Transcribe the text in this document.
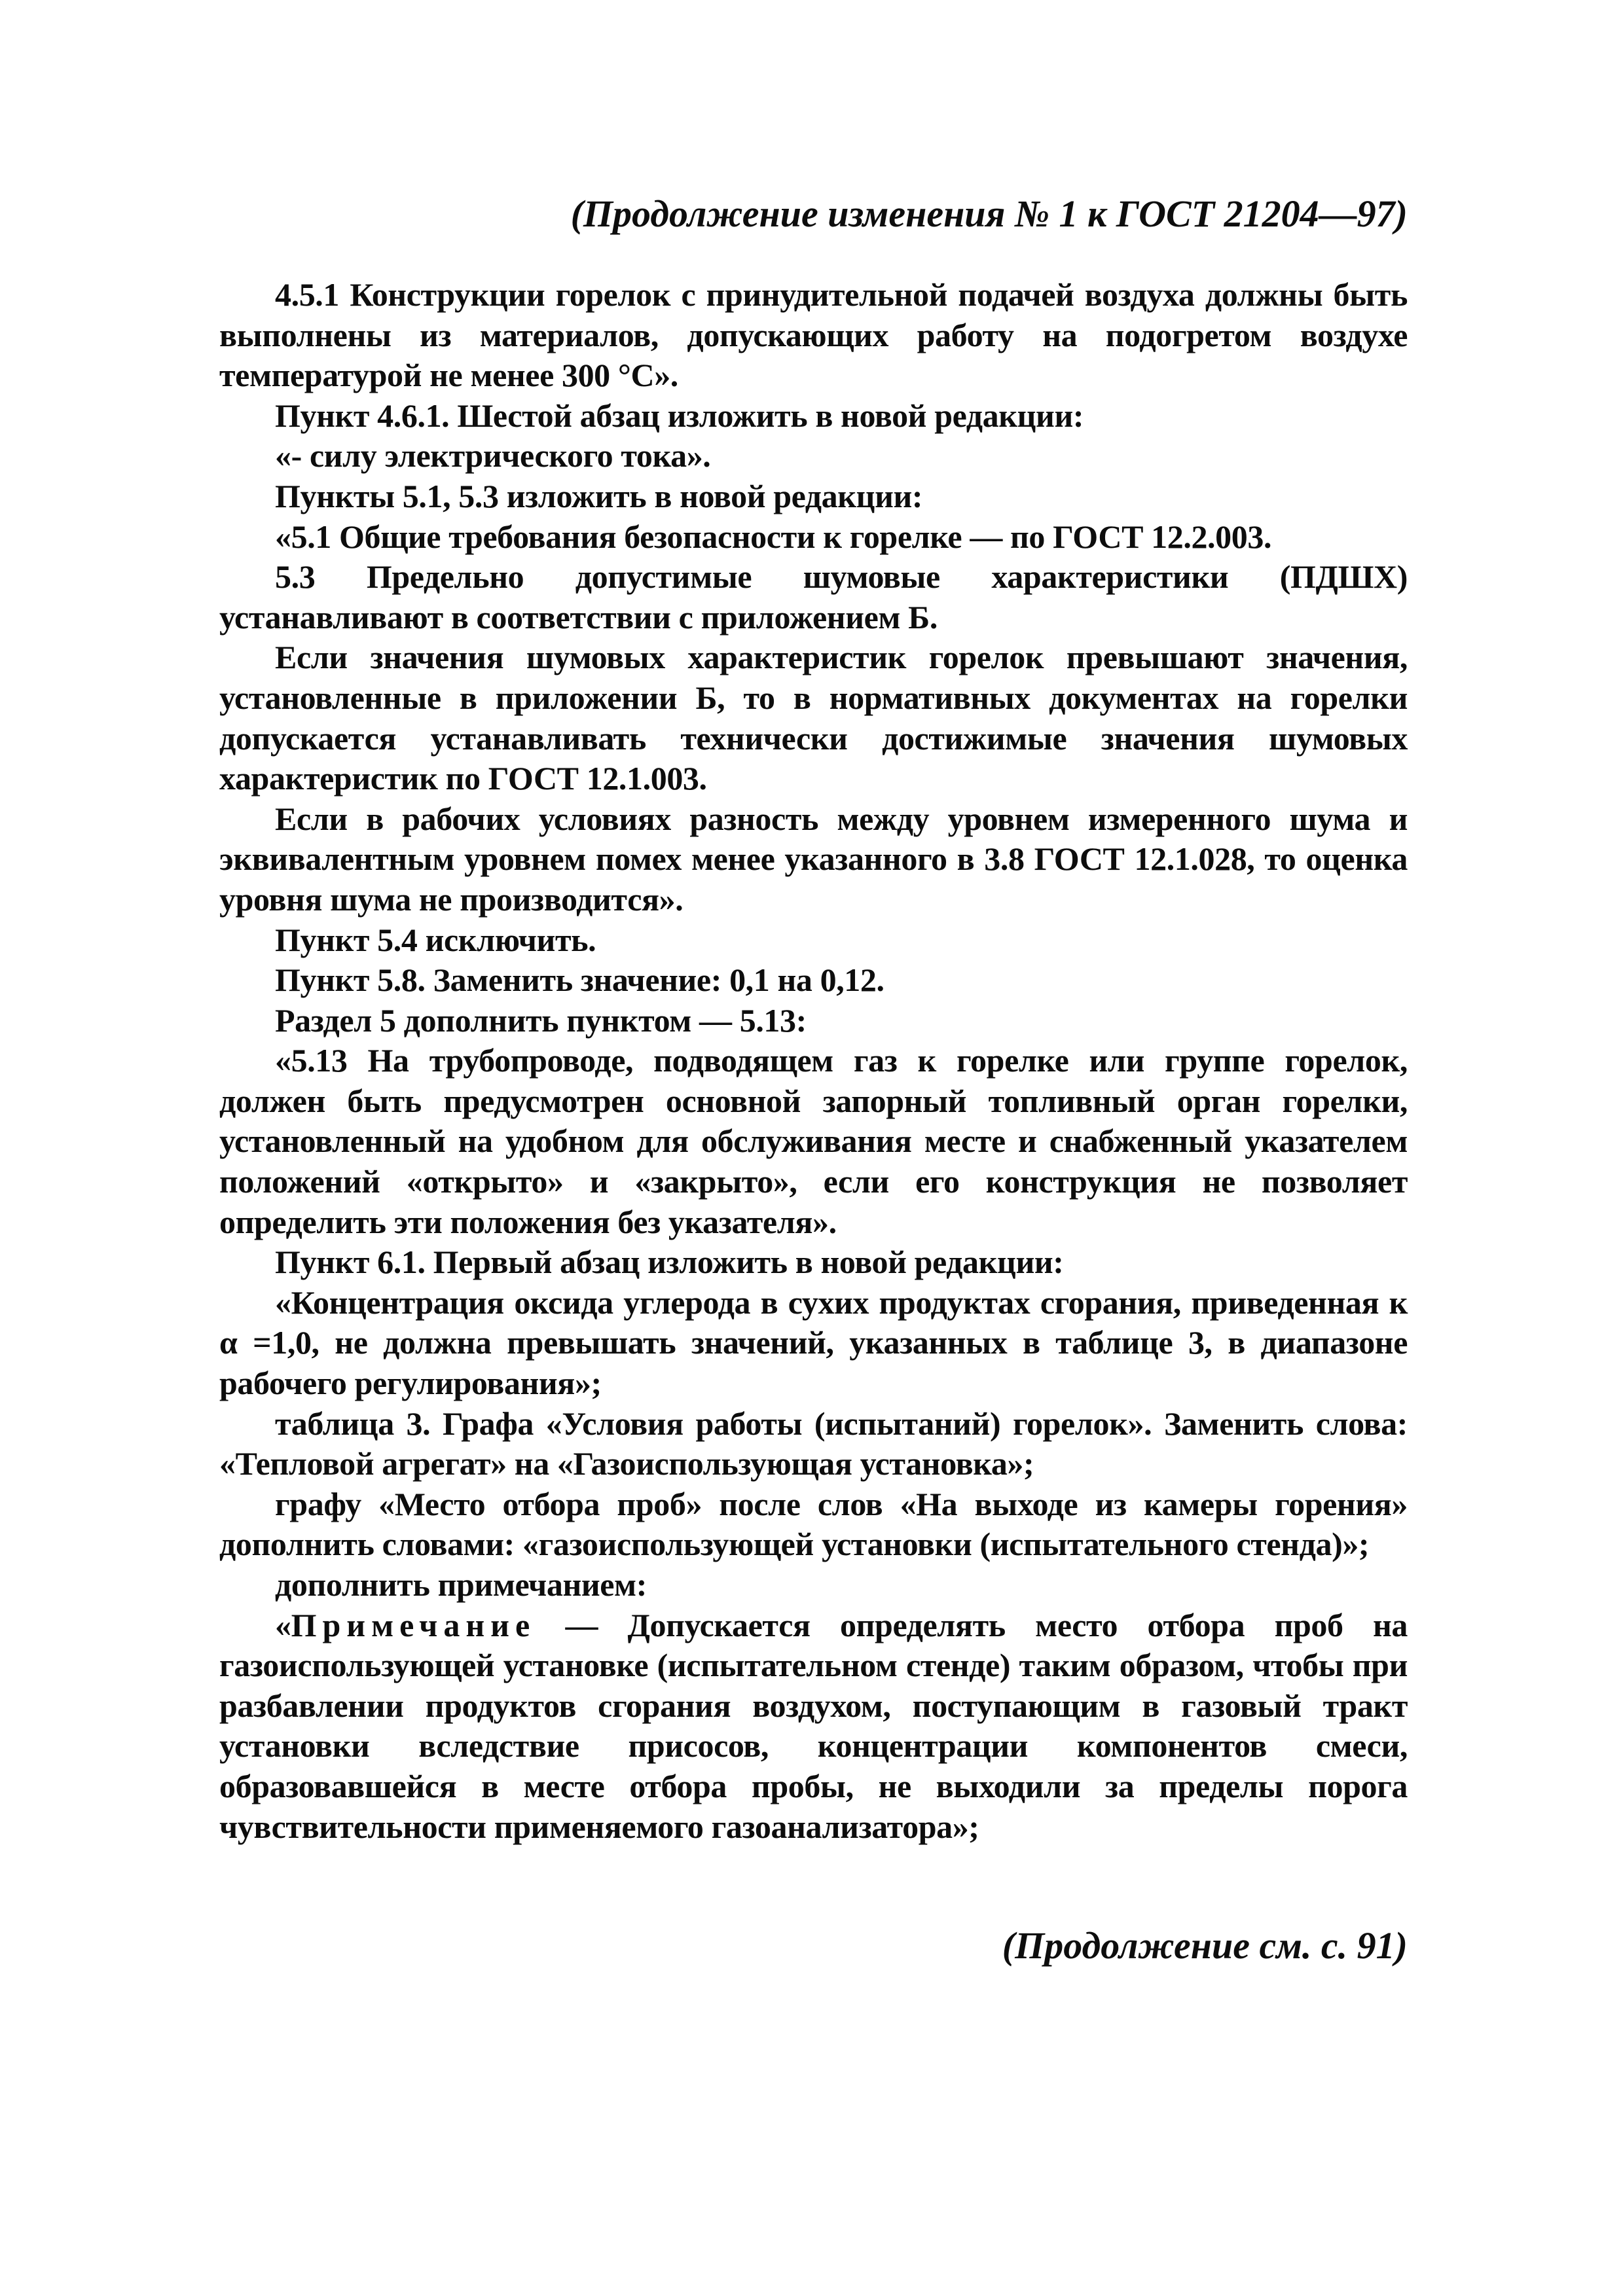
(Продолжение изменения № 1 к ГОСТ 21204—97)

4.5.1 Конструкции горелок с принудительной подачей воздуха должны быть выполнены из материалов, допускающих работу на подогретом воздухе температурой не менее 300 °С».

Пункт 4.6.1. Шестой абзац изложить в новой редакции:

«- силу электрического тока».

Пункты 5.1, 5.3 изложить в новой редакции:

«5.1 Общие требования безопасности к горелке — по ГОСТ 12.2.003.

5.3 Предельно допустимые шумовые характеристики (ПДШХ) устанавливают в соответствии с приложением Б.

Если значения шумовых характеристик горелок превышают значения, установленные в приложении Б, то в нормативных документах на горелки допускается устанавливать технически достижимые значения шумовых характеристик по ГОСТ 12.1.003.

Если в рабочих условиях разность между уровнем измеренного шума и эквивалентным уровнем помех менее указанного в 3.8 ГОСТ 12.1.028, то оценка уровня шума не производится».

Пункт 5.4 исключить.

Пункт 5.8. Заменить значение: 0,1 на 0,12.

Раздел 5 дополнить пунктом — 5.13:

«5.13 На трубопроводе, подводящем газ к горелке или группе горелок, должен быть предусмотрен основной запорный топливный орган горелки, установленный на удобном для обслуживания месте и снабженный указателем положений «открыто» и «закрыто», если его конструкция не позволяет определить эти положения без указателя».

Пункт 6.1. Первый абзац изложить в новой редакции:

«Концентрация оксида углерода в сухих продуктах сгорания, приведенная к α =1,0, не должна превышать значений, указанных в таблице 3, в диапазоне рабочего регулирования»;

таблица 3. Графа «Условия работы (испытаний) горелок». Заменить слова: «Тепловой агрегат» на «Газоиспользующая установка»;

графу «Место отбора проб» после слов «На выходе из камеры горения» дополнить словами: «газоиспользующей установки (испытательного стенда)»;

дополнить примечанием:

«Примечание — Допускается определять место отбора проб на газоиспользующей установке (испытательном стенде) таким образом, чтобы при разбавлении продуктов сгорания воздухом, поступающим в газовый тракт установки вследствие присосов, концентрации компонентов смеси, образовавшейся в месте отбора пробы, не выходили за пределы порога чувствительности применяемого газоанализатора»;

(Продолжение см. с. 91)
